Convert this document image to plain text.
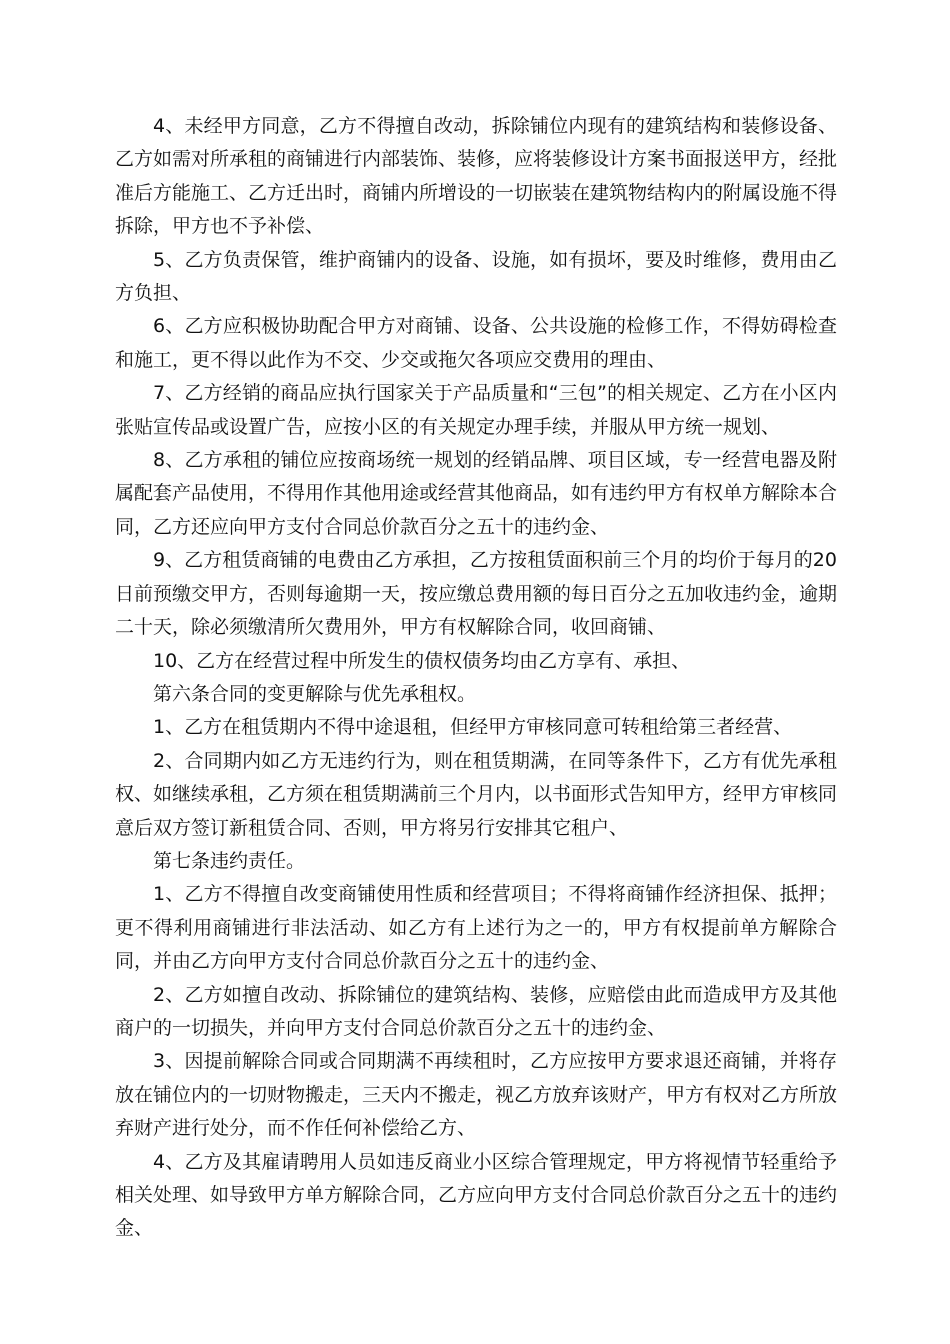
4、未经甲方同意，乙方不得擅自改动，拆除铺位内现有的建筑结构和装修设备、乙方如需对所承租的商铺进行内部装饰、装修，应将装修设计方案书面报送甲方，经批准后方能施工、乙方迁出时，商铺内所增设的一切嵌装在建筑物结构内的附属设施不得拆除，甲方也不予补偿、

5、乙方负责保管，维护商铺内的设备、设施，如有损坏，要及时维修，费用由乙方负担、

6、乙方应积极协助配合甲方对商铺、设备、公共设施的检修工作，不得妨碍检查和施工，更不得以此作为不交、少交或拖欠各项应交费用的理由、

7、乙方经销的商品应执行国家关于产品质量和“三包”的相关规定、乙方在小区内张贴宣传品或设置广告，应按小区的有关规定办理手续，并服从甲方统一规划、

8、乙方承租的铺位应按商场统一规划的经销品牌、项目区域，专一经营电器及附属配套产品使用，不得用作其他用途或经营其他商品，如有违约甲方有权单方解除本合同，乙方还应向甲方支付合同总价款百分之五十的违约金、

9、乙方租赁商铺的电费由乙方承担，乙方按租赁面积前三个月的均价于每月的20日前预缴交甲方，否则每逾期一天，按应缴总费用额的每日百分之五加收违约金，逾期二十天，除必须缴清所欠费用外，甲方有权解除合同，收回商铺、

10、乙方在经营过程中所发生的债权债务均由乙方享有、承担、

第六条合同的变更解除与优先承租权。

1、乙方在租赁期内不得中途退租，但经甲方审核同意可转租给第三者经营、

2、合同期内如乙方无违约行为，则在租赁期满，在同等条件下，乙方有优先承租权、如继续承租，乙方须在租赁期满前三个月内，以书面形式告知甲方，经甲方审核同意后双方签订新租赁合同、否则，甲方将另行安排其它租户、

第七条违约责任。

1、乙方不得擅自改变商铺使用性质和经营项目；不得将商铺作经济担保、抵押；更不得利用商铺进行非法活动、如乙方有上述行为之一的，甲方有权提前单方解除合同，并由乙方向甲方支付合同总价款百分之五十的违约金、

2、乙方如擅自改动、拆除铺位的建筑结构、装修，应赔偿由此而造成甲方及其他商户的一切损失，并向甲方支付合同总价款百分之五十的违约金、

3、因提前解除合同或合同期满不再续租时，乙方应按甲方要求退还商铺，并将存放在铺位内的一切财物搬走，三天内不搬走，视乙方放弃该财产，甲方有权对乙方所放弃财产进行处分，而不作任何补偿给乙方、

4、乙方及其雇请聘用人员如违反商业小区综合管理规定，甲方将视情节轻重给予相关处理、如导致甲方单方解除合同，乙方应向甲方支付合同总价款百分之五十的违约金、
